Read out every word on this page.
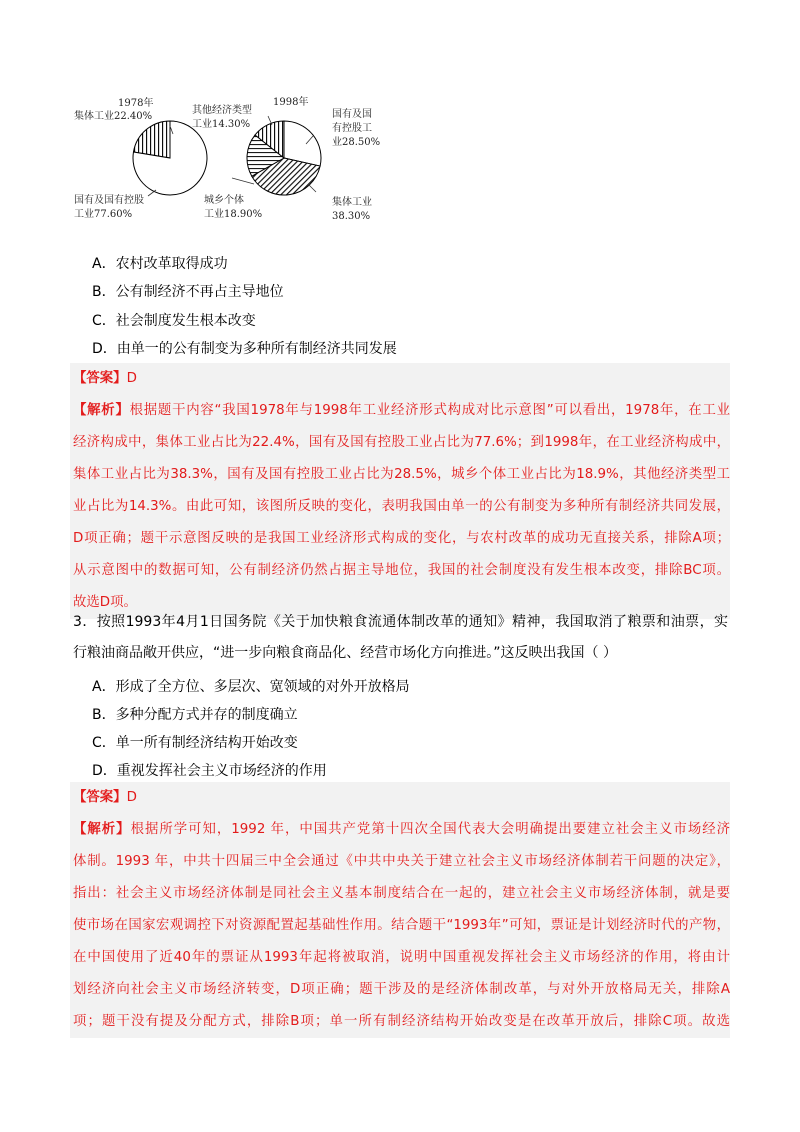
1978年
集体工业22.40%
国有及国有控股
工业77.60%
1998年
其他经济类型
工业14.30%
国有及国
有控股工
业28.50%
集体工业
38.30%
城乡个体
工业18.90%
A．农村改革取得成功
B．公有制经济不再占主导地位
C．社会制度发生根本改变
D．由单一的公有制变为多种所有制经济共同发展
【答案】D
【解析】根据题干内容“我国1978年与1998年工业经济形式构成对比示意图”可以看出，1978年，在工业
经济构成中，集体工业占比为22.4%，国有及国有控股工业占比为77.6%；到1998年，在工业经济构成中，
集体工业占比为38.3%，国有及国有控股工业占比为28.5%，城乡个体工业占比为18.9%，其他经济类型工
业占比为14.3%。由此可知，该图所反映的变化，表明我国由单一的公有制变为多种所有制经济共同发展，
D项正确；题干示意图反映的是我国工业经济形式构成的变化，与农村改革的成功无直接关系，排除A项；
从示意图中的数据可知，公有制经济仍然占据主导地位，我国的社会制度没有发生根本改变，排除BC项。
故选D项。
3．按照1993年4月1日国务院《关于加快粮食流通体制改革的通知》精神，我国取消了粮票和油票，实
行粮油商品敞开供应，“进一步向粮食商品化、经营市场化方向推进。”这反映出我国（ ）
A．形成了全方位、多层次、宽领域的对外开放格局
B．多种分配方式并存的制度确立
C．单一所有制经济结构开始改变
D．重视发挥社会主义市场经济的作用
【答案】D
【解析】根据所学可知，1992 年，中国共产党第十四次全国代表大会明确提出要建立社会主义市场经济
体制。1993 年，中共十四届三中全会通过《中共中央关于建立社会主义市场经济体制若干问题的决定》，
指出：社会主义市场经济体制是同社会主义基本制度结合在一起的，建立社会主义市场经济体制，就是要
使市场在国家宏观调控下对资源配置起基础性作用。结合题干“1993年”可知，票证是计划经济时代的产物，
在中国使用了近40年的票证从1993年起将被取消，说明中国重视发挥社会主义市场经济的作用，将由计
划经济向社会主义市场经济转变，D项正确；题干涉及的是经济体制改革，与对外开放格局无关，排除A
项；题干没有提及分配方式，排除B项；单一所有制经济结构开始改变是在改革开放后，排除C项。故选
